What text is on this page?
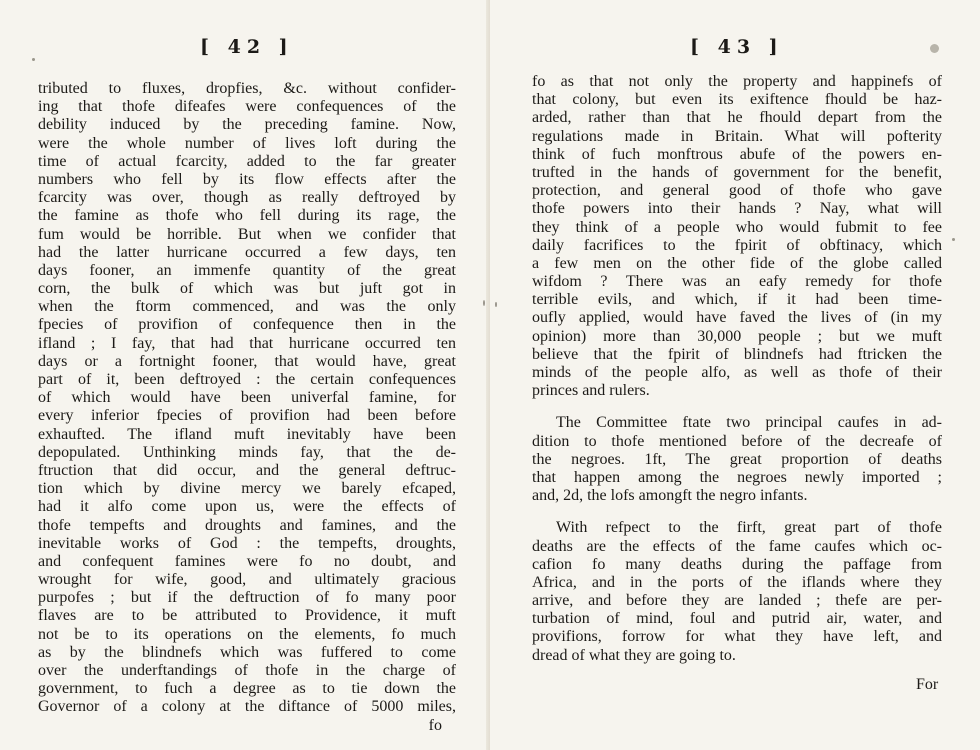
[ 42 ]	[ 43 ]
tributed to fluxes, dropfies, &c. without confider-
ing that thofe difeafes were confequences of the
debility induced by the preceding famine. Now,
were the whole number of lives loft during the
time of actual fcarcity, added to the far greater
numbers who fell by its flow effects after the
fcarcity was over, though as really deftroyed by
the famine as thofe who fell during its rage, the
fum would be horrible. But when we confider that
had the latter hurricane occurred a few days, ten
days fooner, an immenfe quantity of the great
corn, the bulk of which was but juft got in
when the ftorm commenced, and was the only
fpecies of provifion of confequence then in the
ifland ; I fay, that had that hurricane occurred ten
days or a fortnight fooner, that would have, great
part of it, been deftroyed : the certain confequences
of which would have been univerfal famine, for
every inferior fpecies of provifion had been before
exhaufted. The ifland muft inevitably have been
depopulated. Unthinking minds fay, that the de-
ftruction that did occur, and the general deftruc-
tion which by divine mercy we barely efcaped,
had it alfo come upon us, were the effects of
thofe tempefts and droughts and famines, and the
inevitable works of God : the tempefts, droughts,
and confequent famines were fo no doubt, and
wrought for wife, good, and ultimately gracious
purpofes ; but if the deftruction of fo many poor
flaves are to be attributed to Providence, it muft
not be to its operations on the elements, fo much
as by the blindnefs which was fuffered to come
over the underftandings of thofe in the charge of
government, to fuch a degree as to tie down the
Governor of a colony at the diftance of 5000 miles,
fo
fo as that not only the property and happinefs of
that colony, but even its exiftence fhould be haz-
arded, rather than that he fhould depart from the
regulations made in Britain. What will pofterity
think of fuch monftrous abufe of the powers en-
trufted in the hands of government for the benefit,
protection, and general good of thofe who gave
thofe powers into their hands ? Nay, what will
they think of a people who would fubmit to fee
daily facrifices to the fpirit of obftinacy, which
a few men on the other fide of the globe called
wifdom ? There was an eafy remedy for thofe
terrible evils, and which, if it had been time-
oufly applied, would have faved the lives of (in my
opinion) more than 30,000 people ; but we muft
believe that the fpirit of blindnefs had ftricken the
minds of the people alfo, as well as thofe of their
princes and rulers.
The Committee ftate two principal caufes in ad-
dition to thofe mentioned before of the decreafe of
the negroes. 1ft, The great proportion of deaths
that happen among the negroes newly imported ;
and, 2d, the lofs amongft the negro infants.
With refpect to the firft, great part of thofe
deaths are the effects of the fame caufes which oc-
cafion fo many deaths during the paffage from
Africa, and in the ports of the iflands where they
arrive, and before they are landed ; thefe are per-
turbation of mind, foul and putrid air, water, and
provifions, forrow for what they have left, and
dread of what they are going to.
For
